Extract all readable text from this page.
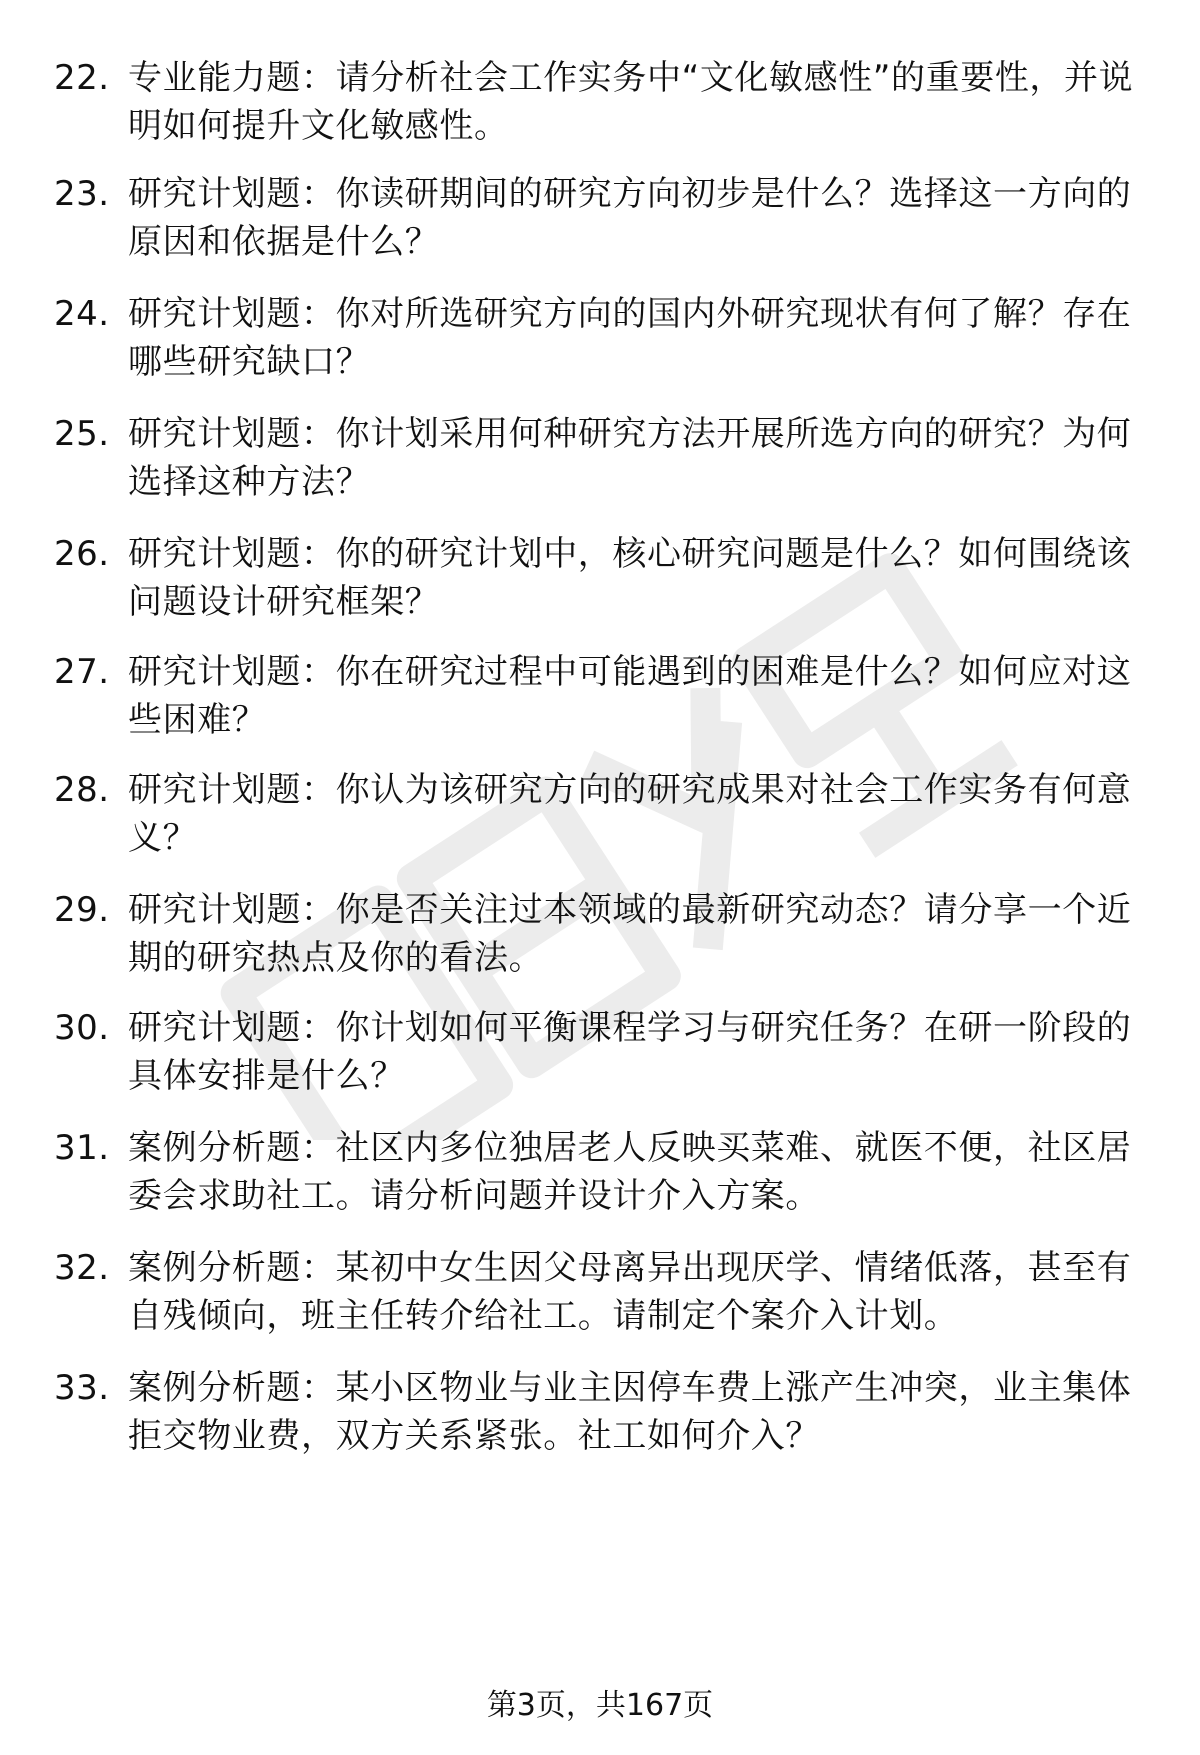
22. 专业能力题：请分析社会工作实务中“文化敏感性”的重要性，并说明如何提升文化敏感性。
23. 研究计划题：你读研期间的研究方向初步是什么？选择这一方向的原因和依据是什么？
24. 研究计划题：你对所选研究方向的国内外研究现状有何了解？存在哪些研究缺口？
25. 研究计划题：你计划采用何种研究方法开展所选方向的研究？为何选择这种方法？
26. 研究计划题：你的研究计划中，核心研究问题是什么？如何围绕该问题设计研究框架？
27. 研究计划题：你在研究过程中可能遇到的困难是什么？如何应对这些困难？
28. 研究计划题：你认为该研究方向的研究成果对社会工作实务有何意义？
29. 研究计划题：你是否关注过本领域的最新研究动态？请分享一个近期的研究热点及你的看法。
30. 研究计划题：你计划如何平衡课程学习与研究任务？在研一阶段的具体安排是什么？
31. 案例分析题：社区内多位独居老人反映买菜难、就医不便，社区居委会求助社工。请分析问题并设计介入方案。
32. 案例分析题：某初中女生因父母离异出现厌学、情绪低落，甚至有自残倾向，班主任转介给社工。请制定个案介入计划。
33. 案例分析题：某小区物业与业主因停车费上涨产生冲突，业主集体拒交物业费，双方关系紧张。社工如何介入？
第3页，共167页
